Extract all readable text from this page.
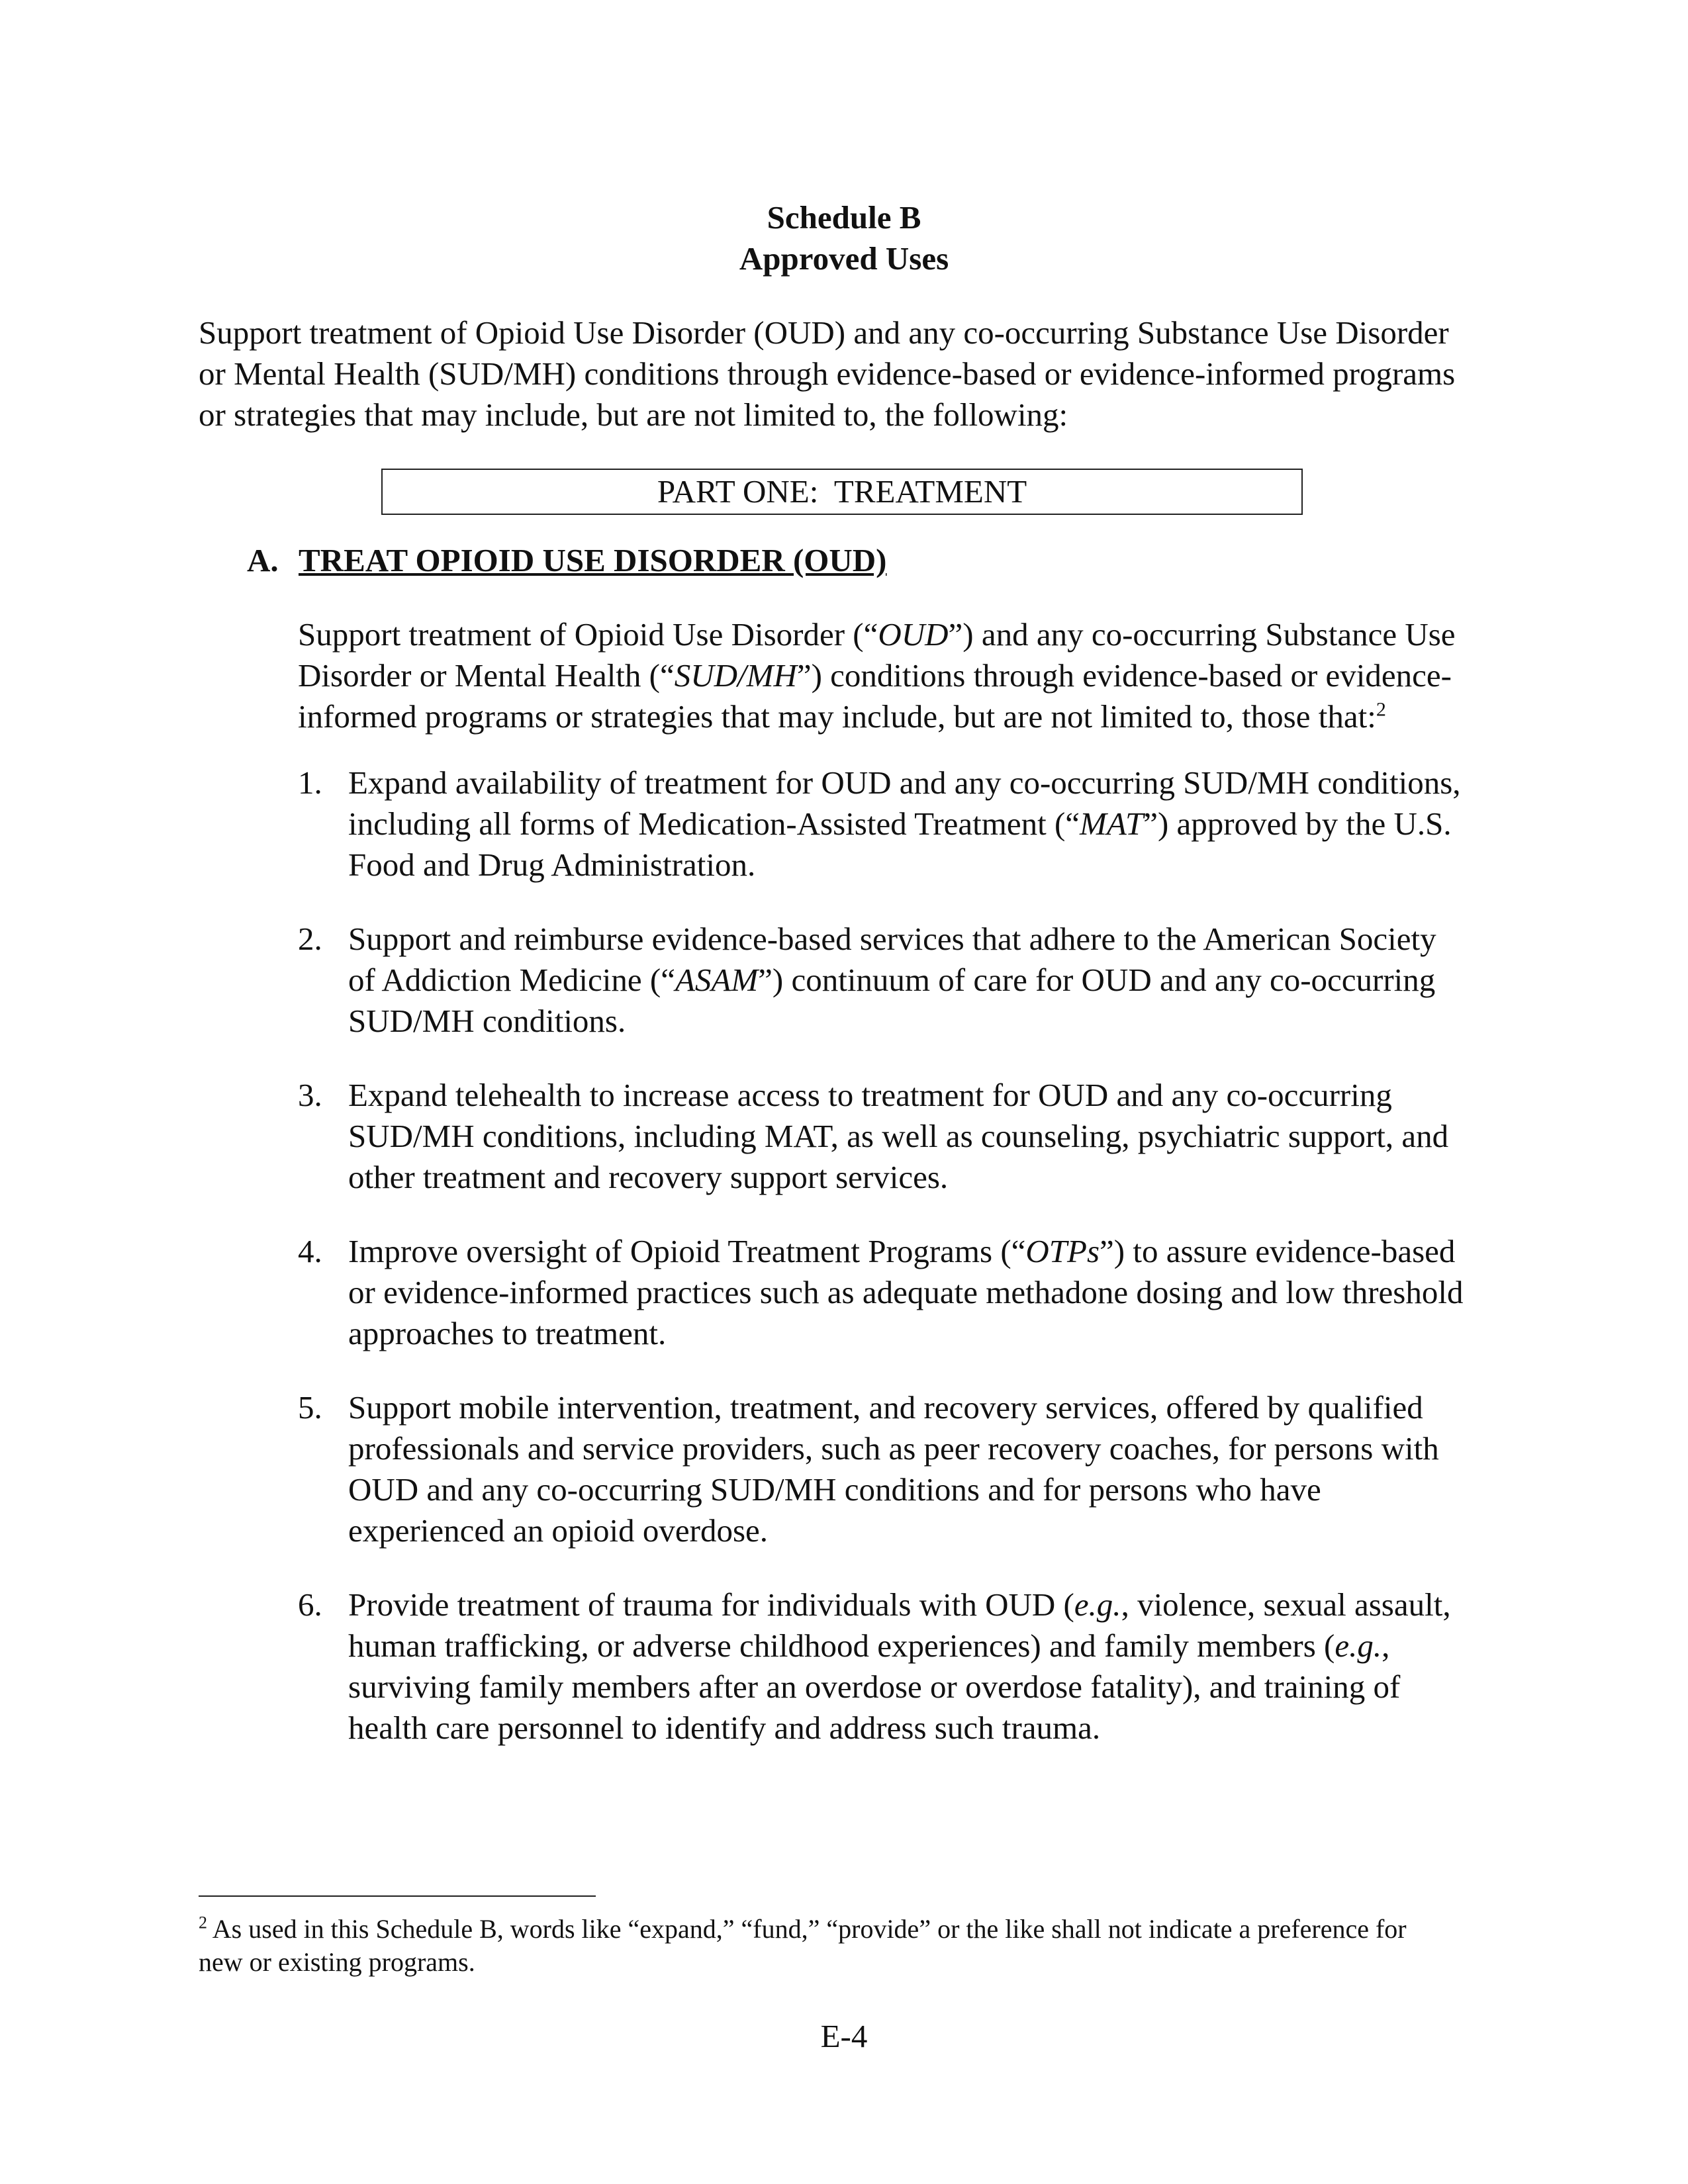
Schedule B
Approved Uses
Support treatment of Opioid Use Disorder (OUD) and any co-occurring Substance Use Disorder
or Mental Health (SUD/MH) conditions through evidence-based or evidence-informed programs
or strategies that may include, but are not limited to, the following:
PART ONE:  TREATMENT
A. TREAT OPIOID USE DISORDER (OUD)
Support treatment of Opioid Use Disorder (“OUD”) and any co-occurring Substance Use
Disorder or Mental Health (“SUD/MH”) conditions through evidence-based or evidence-
informed programs or strategies that may include, but are not limited to, those that:$^2$
1. Expand availability of treatment for OUD and any co-occurring SUD/MH conditions,
including all forms of Medication-Assisted Treatment (“MAT”) approved by the U.S.
Food and Drug Administration.
2. Support and reimburse evidence-based services that adhere to the American Society
of Addiction Medicine (“ASAM”) continuum of care for OUD and any co-occurring
SUD/MH conditions.
3. Expand telehealth to increase access to treatment for OUD and any co-occurring
SUD/MH conditions, including MAT, as well as counseling, psychiatric support, and
other treatment and recovery support services.
4. Improve oversight of Opioid Treatment Programs (“OTPs”) to assure evidence-based
or evidence-informed practices such as adequate methadone dosing and low threshold
approaches to treatment.
5. Support mobile intervention, treatment, and recovery services, offered by qualified
professionals and service providers, such as peer recovery coaches, for persons with
OUD and any co-occurring SUD/MH conditions and for persons who have
experienced an opioid overdose.
6. Provide treatment of trauma for individuals with OUD (e.g., violence, sexual assault,
human trafficking, or adverse childhood experiences) and family members (e.g.,
surviving family members after an overdose or overdose fatality), and training of
health care personnel to identify and address such trauma.
$^2$ As used in this Schedule B, words like “expand,” “fund,” “provide” or the like shall not indicate a preference for
new or existing programs.
E-4
